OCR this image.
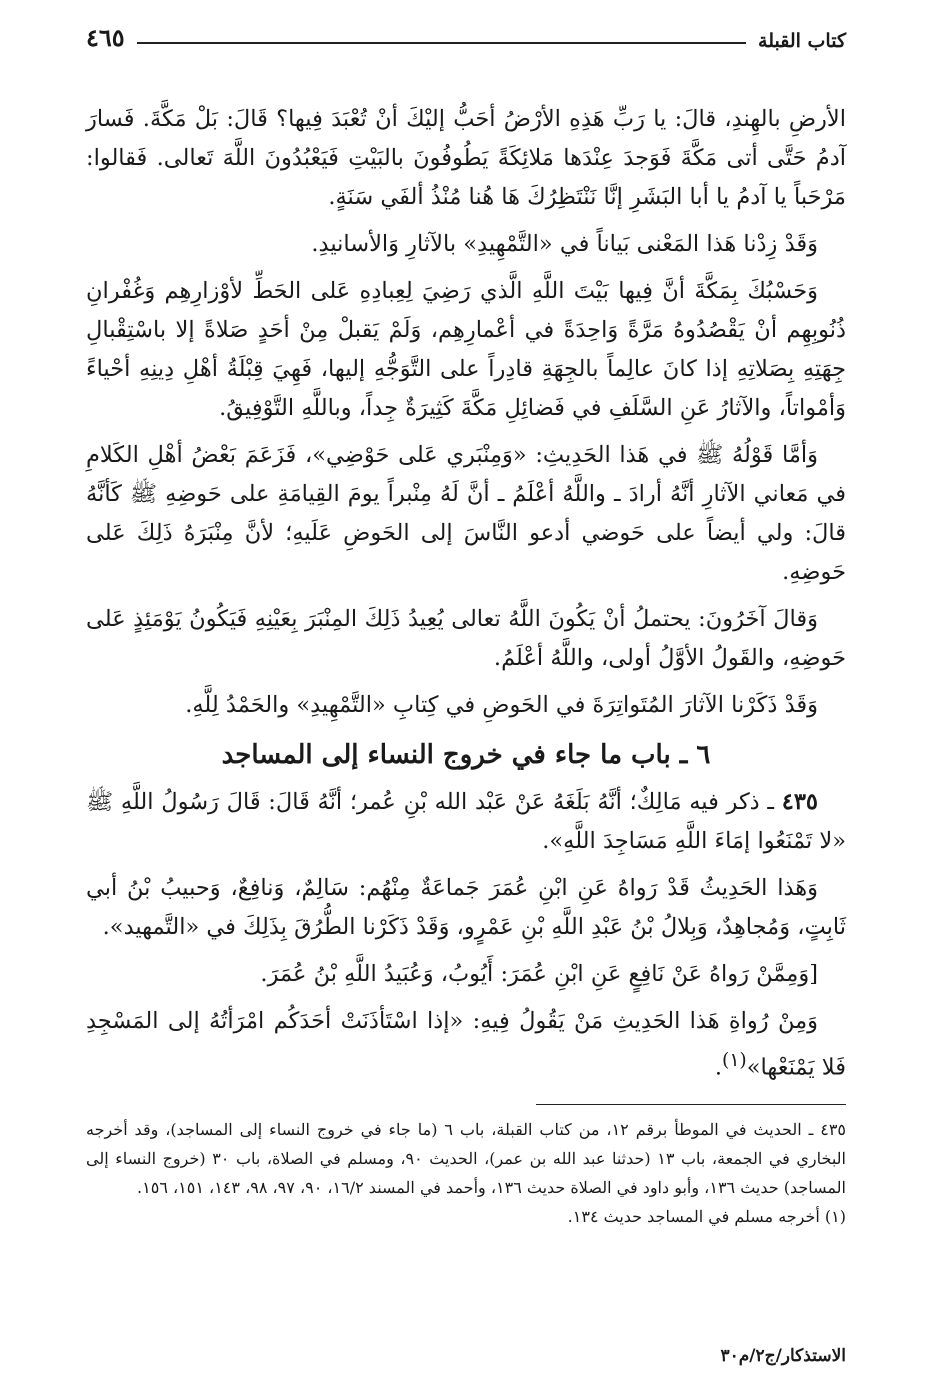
كتاب القبلة
٤٦٥

الأرضِ بالهِندِ، قالَ: يا رَبِّ هَذِهِ الأرْضُ أحَبُّ إليْكَ أنْ تُعْبَدَ فِيها؟ قَالَ: بَلْ مَكَّةَ. فَسارَ آدمُ حَتَّى أتى مَكَّةَ فَوَجدَ عِنْدَها مَلائِكَةً يَطُوفُونَ بالبَيْتِ فَيَعْبُدُونَ اللَّهَ تَعالى. فَقالوا: مَرْحَباً يا آدمُ يا أبا البَشَرِ إنَّا نَنْتَظِرُكَ هَا هُنا مُنْذُ ألفَي سَنَةٍ.

وَقَدْ زِدْنا هَذا المَعْنى بَياناً في «التَّمْهِيدِ» بالآثارِ وَالأسانيدِ.

وَحَسْبُكَ بِمَكَّةَ أنَّ فِيها بَيْتَ اللَّهِ الَّذي رَضِيَ لِعِبادِهِ عَلى الحَطِّ لأوْزارِهِم وَغُفْرانِ ذُنُوبِهِم أنْ يَقْصُدُوهُ مَرَّةً وَاحِدَةً في أعْمارِهِم، وَلَمْ يَقبلْ مِنْ أحَدٍ صَلاةً إلا باسْتِقْبالِ جِهَتِهِ بِصَلاتِهِ إذا كانَ عالِماً بالجِهَةِ قادِراً على التَّوَجُّهِ إليها، فَهِيَ قِبْلَةُ أهْلِ دِينِهِ أحْياءً وَأمْواتاً، والآثارُ عَنِ السَّلَفِ في فَضائِلِ مَكَّةَ كَثِيرَةٌ جِداً، وباللَّهِ التَّوْفِيقُ.

وَأمَّا قَوْلُهُ ﷺ في هَذا الحَدِيثِ: «وَمِنْبَري عَلى حَوْضِي»، فَزَعَمَ بَعْضُ أهْلِ الكَلامِ في مَعاني الآثارِ أنَّهُ أرادَ ـ واللَّهُ أعْلَمُ ـ أنَّ لَهُ مِنْبراً يومَ القِيامَةِ على حَوضِهِ ﷺ كَأنَّهُ قالَ: ولي أيضاً على حَوضي أدعو النَّاسَ إلى الحَوضِ عَلَيهِ؛ لأنَّ مِنْبَرَهُ ذَلِكَ عَلى حَوضِهِ.

وَقالَ آخَرُونَ: يحتملُ أنْ يَكُونَ اللَّهُ تعالى يُعِيدُ ذَلِكَ المِنْبَرَ بِعَيْنِهِ فَيَكُونُ يَوْمَئِذٍ عَلى حَوضِهِ، والقَولُ الأوَّلُ أولى، واللَّهُ أعْلَمُ.

وَقَدْ ذَكَرْنا الآثارَ المُتَواتِرَةَ في الحَوضِ في كِتابِ «التَّمْهِيدِ» والحَمْدُ لِلَّهِ.

٦ ـ باب ما جاء في خروج النساء إلى المساجد

٤٣٥ ـ ذكر فيه مَالِكٌ؛ أنَّهُ بَلَغَهُ عَنْ عَبْد الله بْنِ عُمر؛ أنَّهُ قَالَ: قَالَ رَسُولُ اللَّهِ ﷺ «لا تَمْنَعُوا إمَاءَ اللَّهِ مَسَاجِدَ اللَّهِ».

وَهَذا الحَدِيثُ قَدْ رَواهُ عَنِ ابْنِ عُمَرَ جَماعَةٌ مِنْهُم: سَالِمٌ، وَنافِعٌ، وَحبيبُ بْنُ أبي ثَابِتٍ، وَمُجاهِدٌ، وَبِلالُ بْنُ عَبْدِ اللَّهِ بْنِ عَمْرٍو، وَقَدْ ذَكَرْنا الطُّرُقَ بِذَلِكَ في «التَّمهيد».

[وَمِمَّنْ رَواهُ عَنْ نَافِعٍ عَنِ ابْنِ عُمَرَ: أَيُوبُ، وَعُبَيدُ اللَّهِ بْنُ عُمَرَ.

وَمِنْ رُواةِ هَذا الحَدِيثِ مَنْ يَقُولُ فِيهِ: «إذا اسْتَأذَنَتْ أحَدَكُم امْرَأتُهُ إلى المَسْجِدِ فَلا يَمْنَعْها»$^{(١)}$.

٤٣٥ ـ الحديث في الموطأ برقم ١٢، من كتاب القبلة، باب ٦ (ما جاء في خروج النساء إلى المساجد)، وقد أخرجه البخاري في الجمعة، باب ١٣ (حدثنا عبد الله بن عمر)، الحديث ٩٠، ومسلم في الصلاة، باب ٣٠ (خروج النساء إلى المساجد) حديث ١٣٦، وأبو داود في الصلاة حديث ١٣٦، وأحمد في المسند ١٦/٢، ٩٠، ٩٧، ٩٨، ١٤٣، ١٥١، ١٥٦.

(١) أخرجه مسلم في المساجد حديث ١٣٤.

الاستذكار/ج٢/م٣٠
